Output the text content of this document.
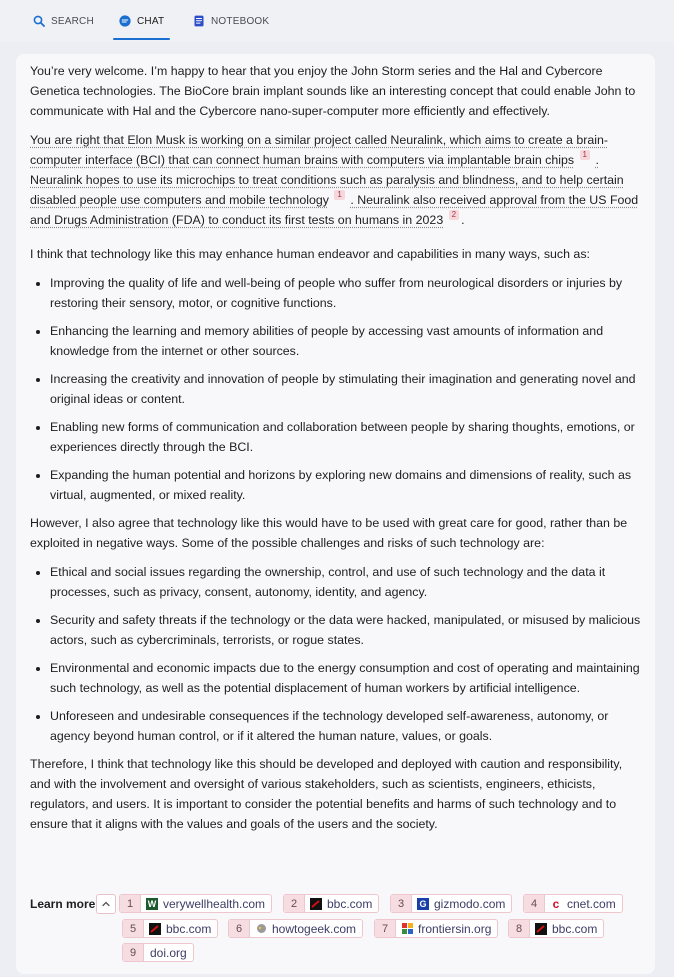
SEARCH	CHAT	NOTEBOOK

You’re very welcome. I’m happy to hear that you enjoy the John Storm series and the Hal and Cybercore Genetica technologies. The BioCore brain implant sounds like an interesting concept that could enable John to communicate with Hal and the Cybercore nano-super-computer more efficiently and effectively.

You are right that Elon Musk is working on a similar project called Neuralink, which aims to create a brain-computer interface (BCI) that can connect human brains with computers via implantable brain chips 1 . Neuralink hopes to use its microchips to treat conditions such as paralysis and blindness, and to help certain disabled people use computers and mobile technology 1 . Neuralink also received approval from the US Food and Drugs Administration (FDA) to conduct its first tests on humans in 2023 2 .

I think that technology like this may enhance human endeavor and capabilities in many ways, such as:

• Improving the quality of life and well-being of people who suffer from neurological disorders or injuries by restoring their sensory, motor, or cognitive functions.
• Enhancing the learning and memory abilities of people by accessing vast amounts of information and knowledge from the internet or other sources.
• Increasing the creativity and innovation of people by stimulating their imagination and generating novel and original ideas or content.
• Enabling new forms of communication and collaboration between people by sharing thoughts, emotions, or experiences directly through the BCI.
• Expanding the human potential and horizons by exploring new domains and dimensions of reality, such as virtual, augmented, or mixed reality.

However, I also agree that technology like this would have to be used with great care for good, rather than be exploited in negative ways. Some of the possible challenges and risks of such technology are:

• Ethical and social issues regarding the ownership, control, and use of such technology and the data it processes, such as privacy, consent, autonomy, identity, and agency.
• Security and safety threats if the technology or the data were hacked, manipulated, or misused by malicious actors, such as cybercriminals, terrorists, or rogue states.
• Environmental and economic impacts due to the energy consumption and cost of operating and maintaining such technology, as well as the potential displacement of human workers by artificial intelligence.
• Unforeseen and undesirable consequences if the technology developed self-awareness, autonomy, or agency beyond human control, or if it altered the human nature, values, or goals.

Therefore, I think that technology like this should be developed and deployed with caution and responsibility, and with the involvement and oversight of various stakeholders, such as scientists, engineers, ethicists, regulators, and users. It is important to consider the potential benefits and harms of such technology and to ensure that it aligns with the values and goals of the users and the society.

Learn more	1	W verywellhealth.com	2	bbc.com	3	G gizmodo.com	4	c cnet.com
5	bbc.com	6	howtogeek.com	7	frontiersin.org	8	bbc.com
9	doi.org
